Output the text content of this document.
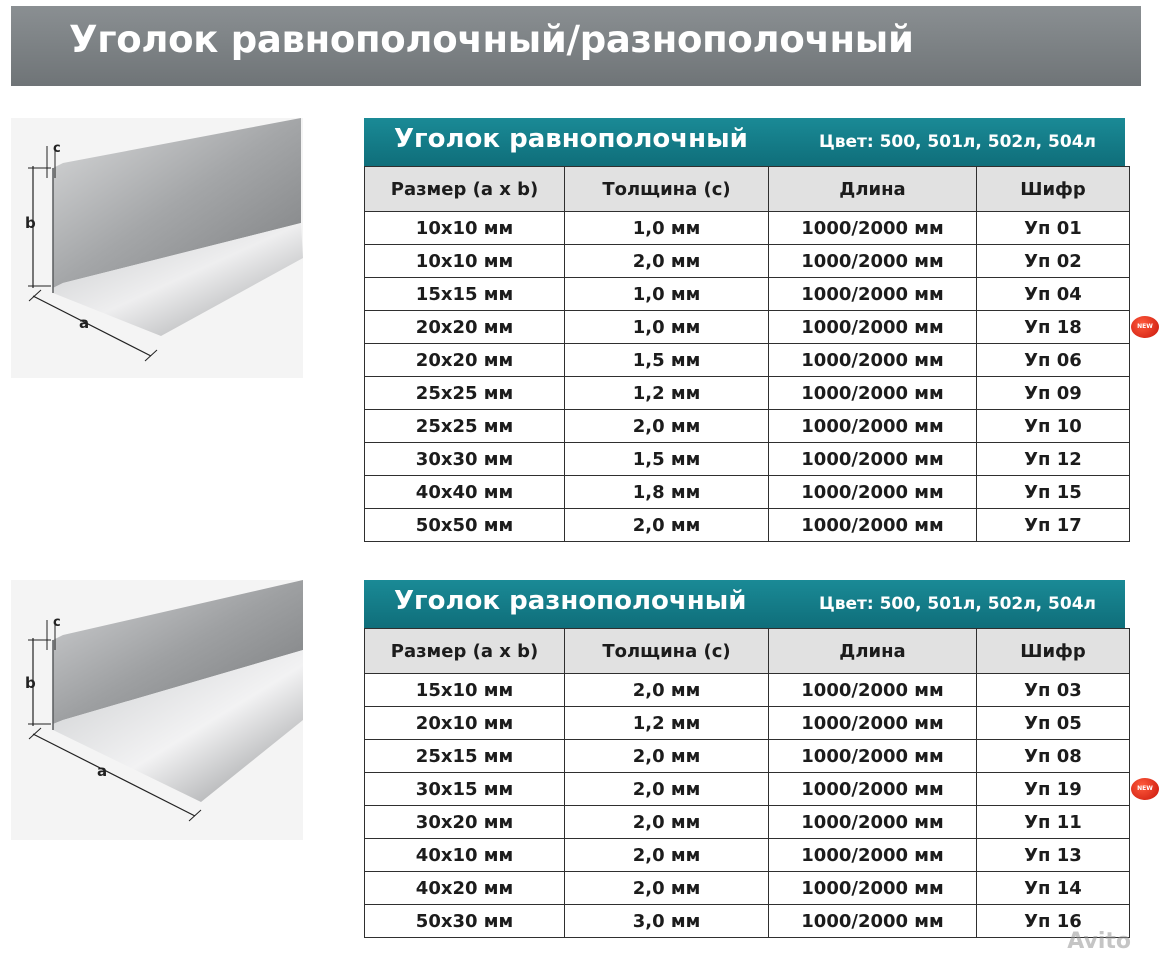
Уголок равнополочный/разнополочный
b
c
a
b
c
a
Уголок равнополочный	Цвет: 500, 501л, 502л, 504л
Размер (a x b)	Толщина (c)	Длина	Шифр
10х10 мм	1,0 мм	1000/2000 мм	Уп 01
10х10 мм	2,0 мм	1000/2000 мм	Уп 02
15х15 мм	1,0 мм	1000/2000 мм	Уп 04
20х20 мм	1,0 мм	1000/2000 мм	Уп 18 NEW

20х20 мм	1,5 мм	1000/2000 мм	Уп 06
25х25 мм	1,2 мм	1000/2000 мм	Уп 09
25х25 мм	2,0 мм	1000/2000 мм	Уп 10
30х30 мм	1,5 мм	1000/2000 мм	Уп 12
40х40 мм	1,8 мм	1000/2000 мм	Уп 15
50х50 мм	2,0 мм	1000/2000 мм	Уп 17
Уголок разнополочный	Цвет: 500, 501л, 502л, 504л
Размер (a x b)	Толщина (c)	Длина	Шифр
15х10 мм	2,0 мм	1000/2000 мм	Уп 03
20х10 мм	1,2 мм	1000/2000 мм	Уп 05
25х15 мм	2,0 мм	1000/2000 мм	Уп 08
30х15 мм	2,0 мм	1000/2000 мм	Уп 19 NEW

30х20 мм	2,0 мм	1000/2000 мм	Уп 11
40х10 мм	2,0 мм	1000/2000 мм	Уп 13
40х20 мм	2,0 мм	1000/2000 мм	Уп 14
50х30 мм	3,0 мм	1000/2000 мм	Уп 16
Avito
